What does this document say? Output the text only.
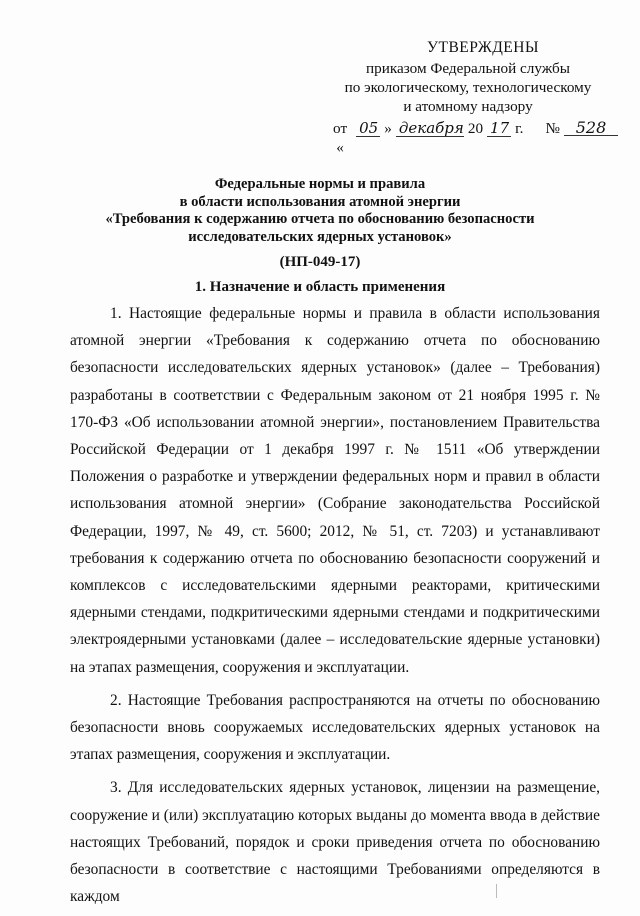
УТВЕРЖДЕНЫ
приказом Федеральной службы
по экологическому, технологическому
и атомному надзору
от «
05 » декабря 20 17 г. № 528
Федеральные нормы и правила
в области использования атомной энергии
«Требования к содержанию отчета по обоснованию безопасности
исследовательских ядерных установок»
(НП-049-17)
1. Назначение и область применения

1. Настоящие федеральные нормы и правила в области использования атомной энергии «Требования к содержанию отчета по обоснованию безопасности исследовательских ядерных установок» (далее – Требования) разработаны в соответствии с Федеральным законом от 21 ноября 1995 г. № 170-ФЗ «Об использовании атомной энергии», постановлением Правительства Российской Федерации от 1 декабря 1997 г. № 1511 «Об утверждении Положения о разработке и утверждении федеральных норм и правил в области использования атомной энергии» (Собрание законодательства Российской Федерации, 1997, № 49, ст. 5600; 2012, № 51, ст. 7203) и устанавливают требования к содержанию отчета по обоснованию безопасности сооружений и комплексов с исследовательскими ядерными реакторами, критическими ядерными стендами, подкритическими ядерными стендами и подкритическими электроядерными установками (далее – исследовательские ядерные установки) на этапах размещения, сооружения и эксплуатации.

2. Настоящие Требования распространяются на отчеты по обоснованию безопасности вновь сооружаемых исследовательских ядерных установок на этапах размещения, сооружения и эксплуатации.

3. Для исследовательских ядерных установок, лицензии на размещение, сооружение и (или) эксплуатацию которых выданы до момента ввода в действие настоящих Требований, порядок и сроки приведения отчета по обоснованию безопасности в соответствие с настоящими Требованиями определяются в каждом
